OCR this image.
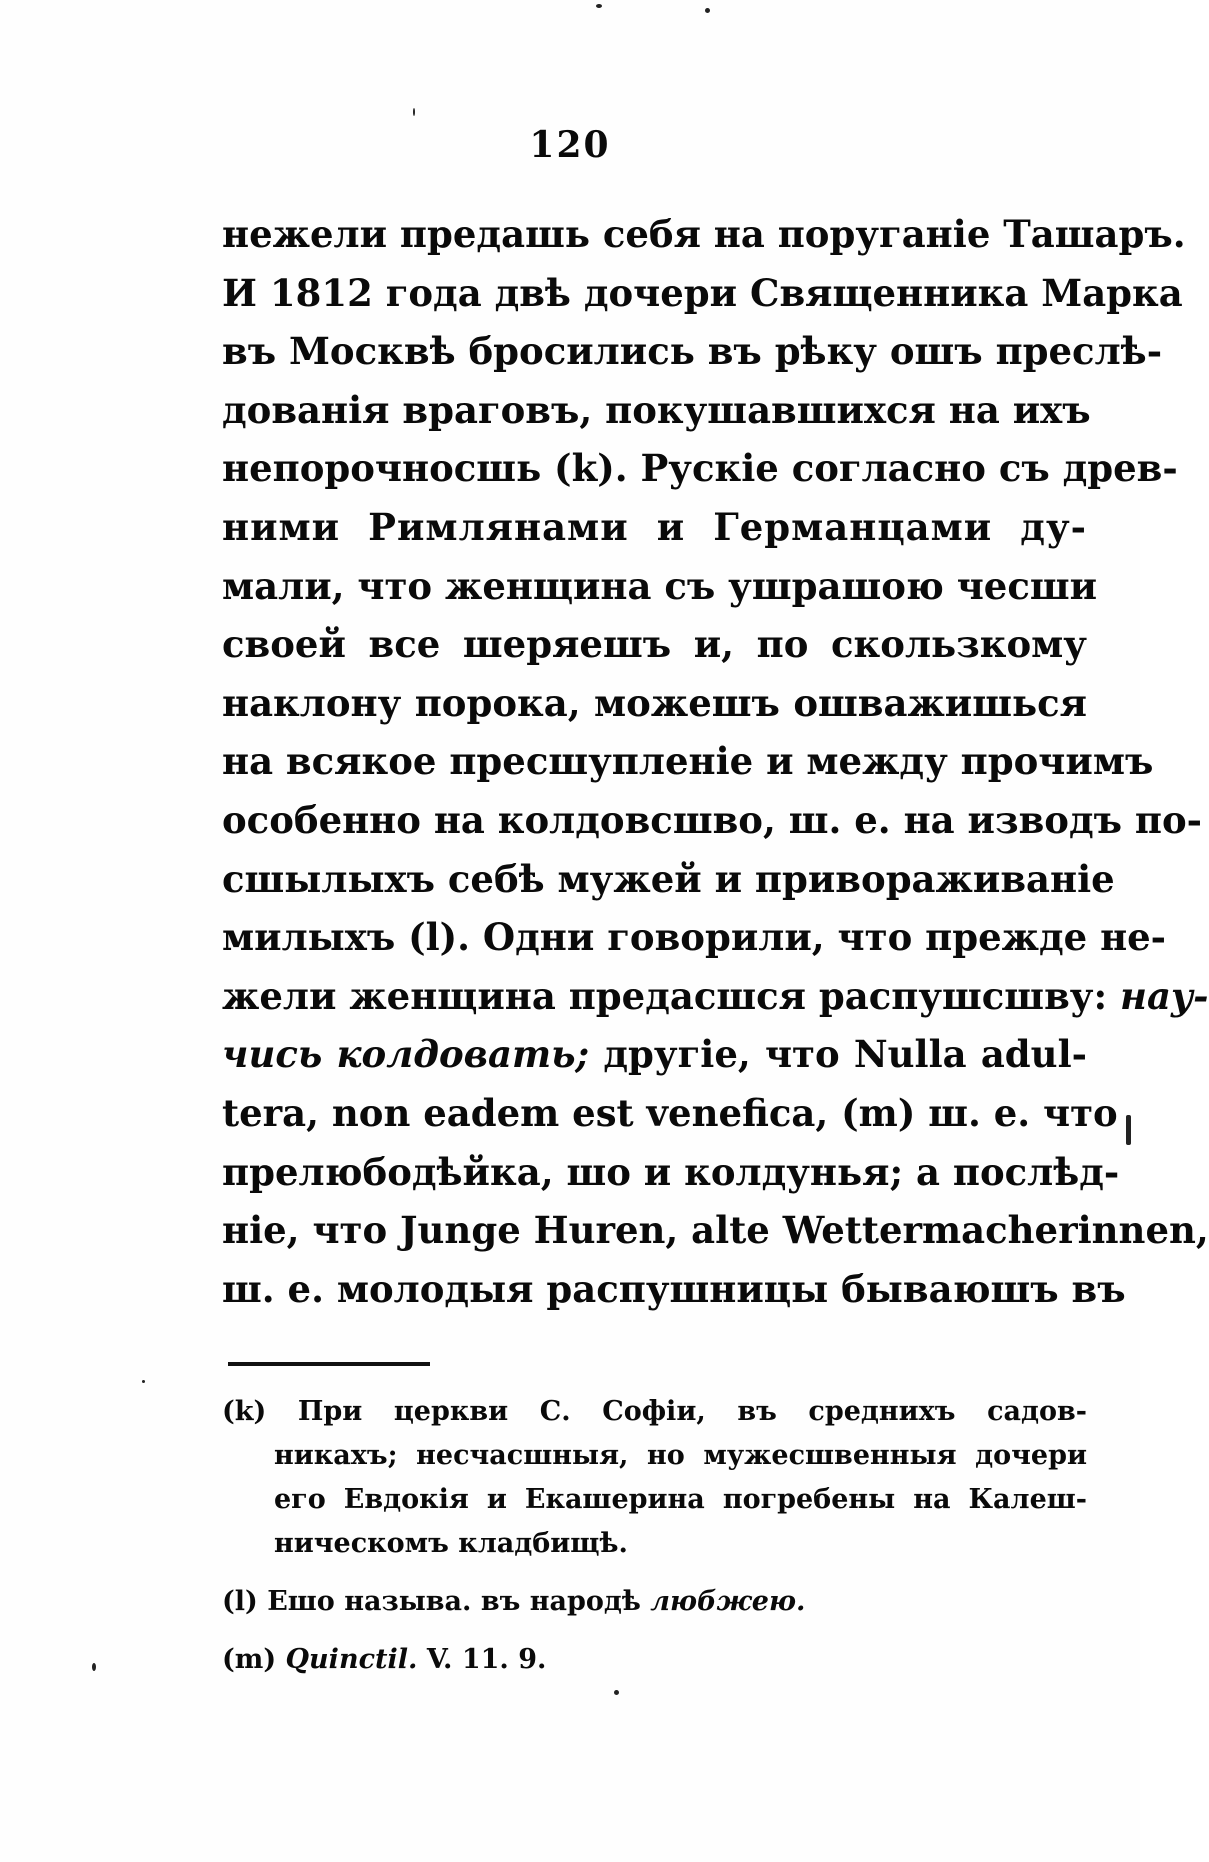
120
нежели предашь себя на поруганіе Ташаръ.
И 1812 года двѣ дочери Священника Марка
въ Москвѣ бросились въ рѣку ошъ преслѣ-
дованія враговъ, покушавшихся на ихъ
непорочносшь (k). Рускіе согласно съ древ-
ними Римлянами и Германцами ду-
мали, что женщина съ ушрашою чесши
своей все шеряешъ и, по скользкому
наклону порока, можешъ ошважишься
на всякое пресшупленіе и между прочимъ
особенно на колдовсшво, ш. е. на изводъ по-
сшылыхъ себѣ мужей и привораживаніе
милыхъ (l). Одни говорили, что прежде не-
жели женщина предасшся распушсшву: нау-
чись колдовать; другіе, что Nulla adul-
tera, non eadem est venefica, (m) ш. е. что
прелюбодѣйка, шо и колдунья; а послѣд-
ніе, что Junge Huren, alte Wettermacherinnen,
ш. е. молодыя распушницы бываюшъ въ
(k) При церкви С. Софіи, въ среднихъ садов-
никахъ; несчасшныя, но мужесшвенныя дочери
его Евдокія и Екашерина погребены на Калеш-
ническомъ кладбищѣ.
(l) Ешо называ. въ народѣ любжею.
(m) Quinctil. V. 11. 9.
